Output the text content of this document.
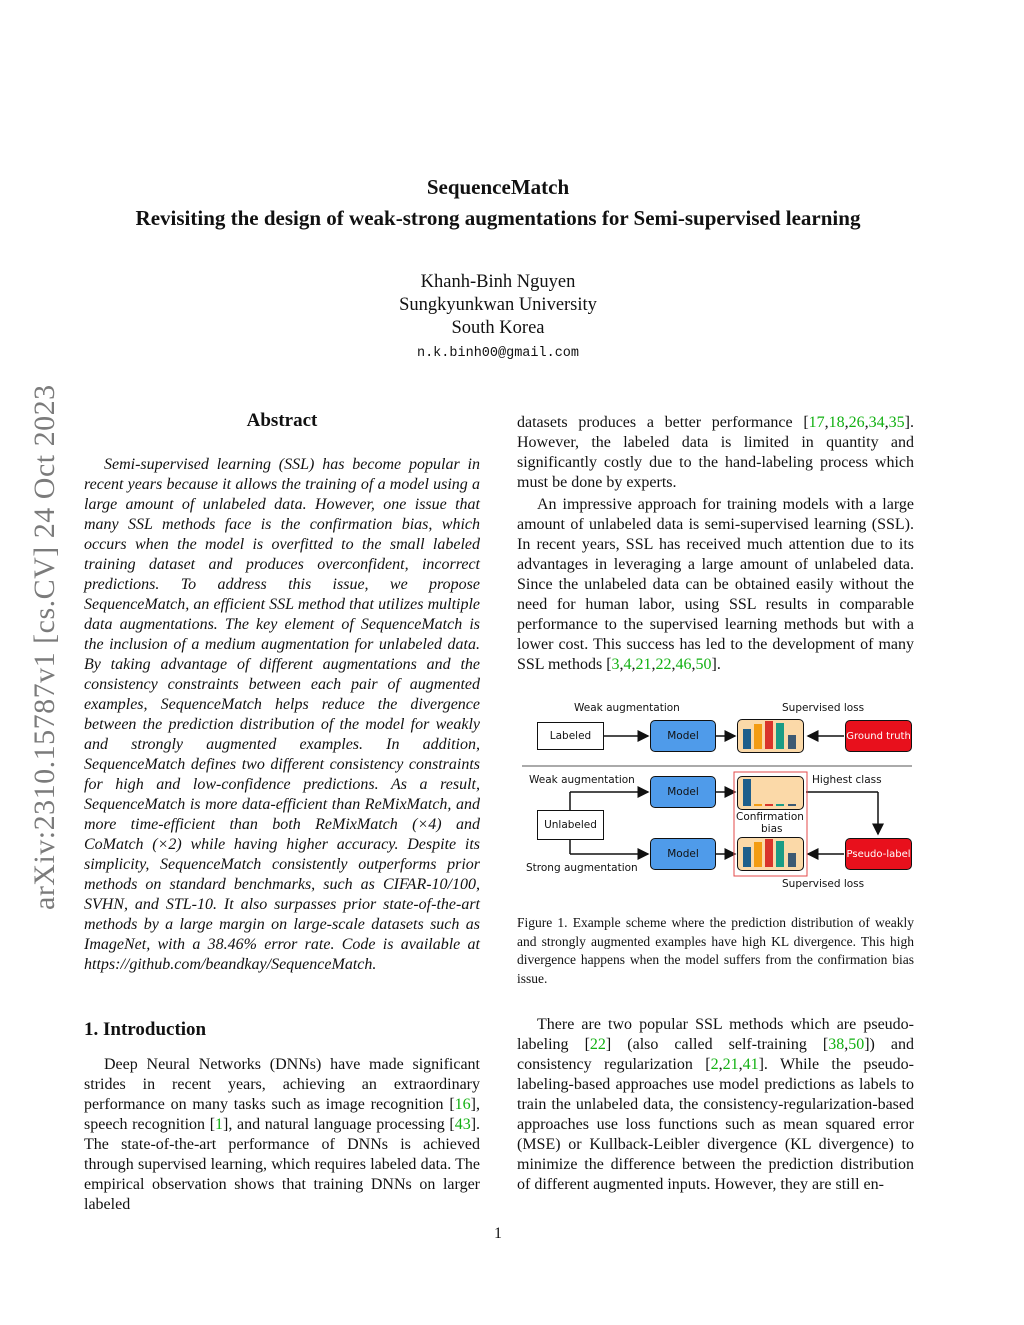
SequenceMatch
Revisiting the design of weak-strong augmentations for Semi-supervised learning
Khanh-Binh Nguyen
Sungkyunkwan University
South Korea
n.k.binh00@gmail.com
arXiv:2310.15787v1 [cs.CV] 24 Oct 2023	Abstract

Semi-supervised learning (SSL) has become popular in recent years because it allows the training of a model using a large amount of unlabeled data. However, one issue that many SSL methods face is the confirmation bias, which occurs when the model is overfitted to the small labeled training dataset and produces overconfident, incorrect predictions. To address this issue, we propose SequenceMatch, an efficient SSL method that utilizes multiple data augmentations. The key element of SequenceMatch is the inclusion of a medium augmentation for unlabeled data. By taking advantage of different augmentations and the consistency constraints between each pair of augmented examples, SequenceMatch helps reduce the divergence between the prediction distribution of the model for weakly and strongly augmented examples. In addition, SequenceMatch defines two different consistency constraints for high and low-confidence predictions. As a result, SequenceMatch is more data-efficient than ReMixMatch, and more time-efficient than both ReMixMatch (×4) and CoMatch (×2) while having higher accuracy. Despite its simplicity, SequenceMatch consistently outperforms prior methods on standard benchmarks, such as CIFAR-10/100, SVHN, and STL-10. It also surpasses prior state-of-the-art methods by a large margin on large-scale datasets such as ImageNet, with a 38.46% error rate. Code is available at https://github.com/beandkay/SequenceMatch.

1. Introduction

Deep Neural Networks (DNNs) have made significant strides in recent years, achieving an extraordinary performance on many tasks such as image recognition [16], speech recognition [1], and natural language processing [43]. The state-of-the-art performance of DNNs is achieved through supervised learning, which requires labeled data. The empirical observation shows that training DNNs on larger labeled

datasets produces a better performance [17,18,26,34,35]. However, the labeled data is limited in quantity and significantly costly due to the hand-labeling process which must be done by experts.

An impressive approach for training models with a large amount of unlabeled data is semi-supervised learning (SSL). In recent years, SSL has received much attention due to its advantages in leveraging a large amount of unlabeled data. Since the unlabeled data can be obtained easily without the need for human labor, using SSL results in comparable performance to the supervised learning methods but with a lower cost. This success has led to the development of many SSL methods [3,4,21,22,46,50].

Weak augmentation	Supervised loss
Labeled	Model	Ground truth
Weak augmentation	Highest class
Model
Unlabeled
Confirmation
bias
Strong augmentation
Model	Pseudo-label
Supervised loss

Figure 1. Example scheme where the prediction distribution of weakly and strongly augmented examples have high KL divergence. This high divergence happens when the model suffers from the confirmation bias issue.

There are two popular SSL methods which are pseudo-labeling [22] (also called self-training [38,50]) and consistency regularization [2,21,41]. While the pseudo-labeling-based approaches use model predictions as labels to train the unlabeled data, the consistency-regularization-based approaches use loss functions such as mean squared error (MSE) or Kullback-Leibler divergence (KL divergence) to minimize the difference between the prediction distribution of different augmented inputs. However, they are still en-

1
